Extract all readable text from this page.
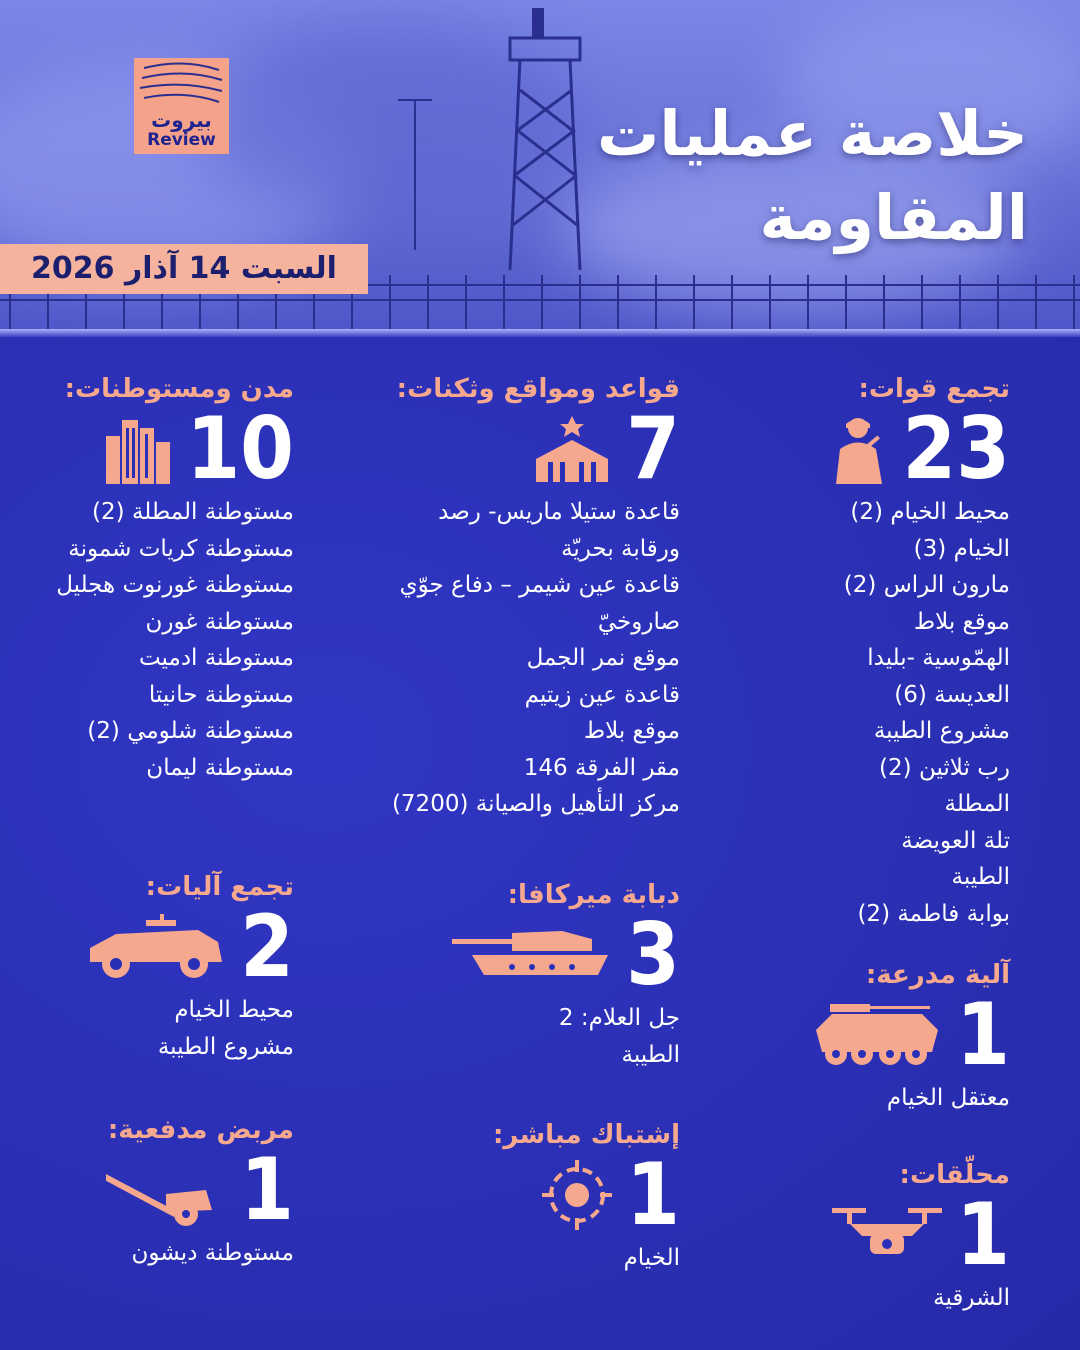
بيروت
Review	خلاصة عمليات
المقاومة
السبت 14 آذار 2026
تجمع قوات:
23
محيط الخيام (2)
الخيام (3)
مارون الراس (2)
موقع بلاط
الهمّوسية -بليدا
العديسة (6)
مشروع الطيبة
رب ثلاثين (2)
المطلة
تلة العويضة
الطيبة
بوابة فاطمة (2)
قواعد ومواقع وثكنات:
7
قاعدة ستيلا ماريس- رصد
ورقابة بحريّة
قاعدة عين شيمر – دفاع جوّي
صاروخيّ
موقع نمر الجمل
قاعدة عين زيتيم
موقع بلاط
مقر الفرقة 146
مركز التأهيل والصيانة (7200)
مدن ومستوطنات:
10
مستوطنة المطلة (2)
مستوطنة كريات شمونة
مستوطنة غورنوت هجليل
مستوطنة غورن
مستوطنة ادميت
مستوطنة حانيتا
مستوطنة شلومي (2)
مستوطنة ليمان
تجمع آليات:
2
محيط الخيام
مشروع الطيبة
دبابة ميركافا:
3
جل العلام: 2
الطيبة
آلية مدرعة:
1
معتقل الخيام
مربض مدفعية:
1
مستوطنة ديشون
إشتباك مباشر:
1
الخيام
محلّقات:
1
الشرقية
